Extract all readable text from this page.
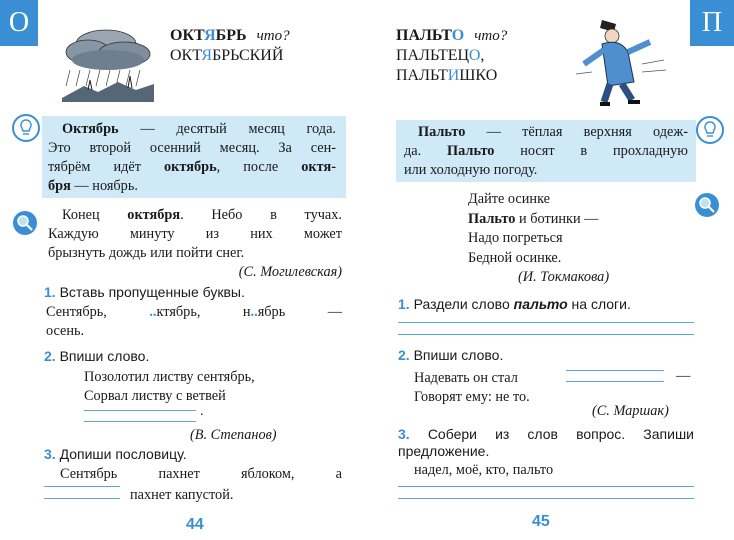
О	ОКТЯБРЬ что?
ОКТЯБРЬСКИЙ
Октябрь — десятый месяц года.
Это второй осенний месяц. За сен-
тябрём идёт октябрь, после октя-
бря — ноябрь.
Конец октября. Небо в тучах.
Каждую минуту из них может
брызнуть дождь или пойти снег.
(С. Могилевская)
1. Вставь пропущенные буквы.
Сентябрь,	..ктябрь,	н..ябрь	—
осень.
2. Впиши слово.
Позолотил листву сентябрь,
Сорвал листву с ветвей
.
(В. Степанов)
3. Допиши пословицу.
Сентябрь	пахнет	яблоком,	а
пахнет капустой.
44
П
ПАЛЬТО что?
ПАЛЬТЕЦО,
ПАЛЬТИШКО
Пальто — тёплая верхняя одеж-
да. Пальто носят в прохладную
или холодную погоду.
Дайте осинке
Пальто и ботинки —
Надо погреться
Бедной осинке.
(И. Токмакова)
1. Раздели слово пальто на слоги.
2. Впиши слово.
Надевать он стал	—
Говорят ему: не то.
(С. Маршак)
3. Собери из слов вопрос. Запиши
предложение.
надел, моё, кто, пальто
45
